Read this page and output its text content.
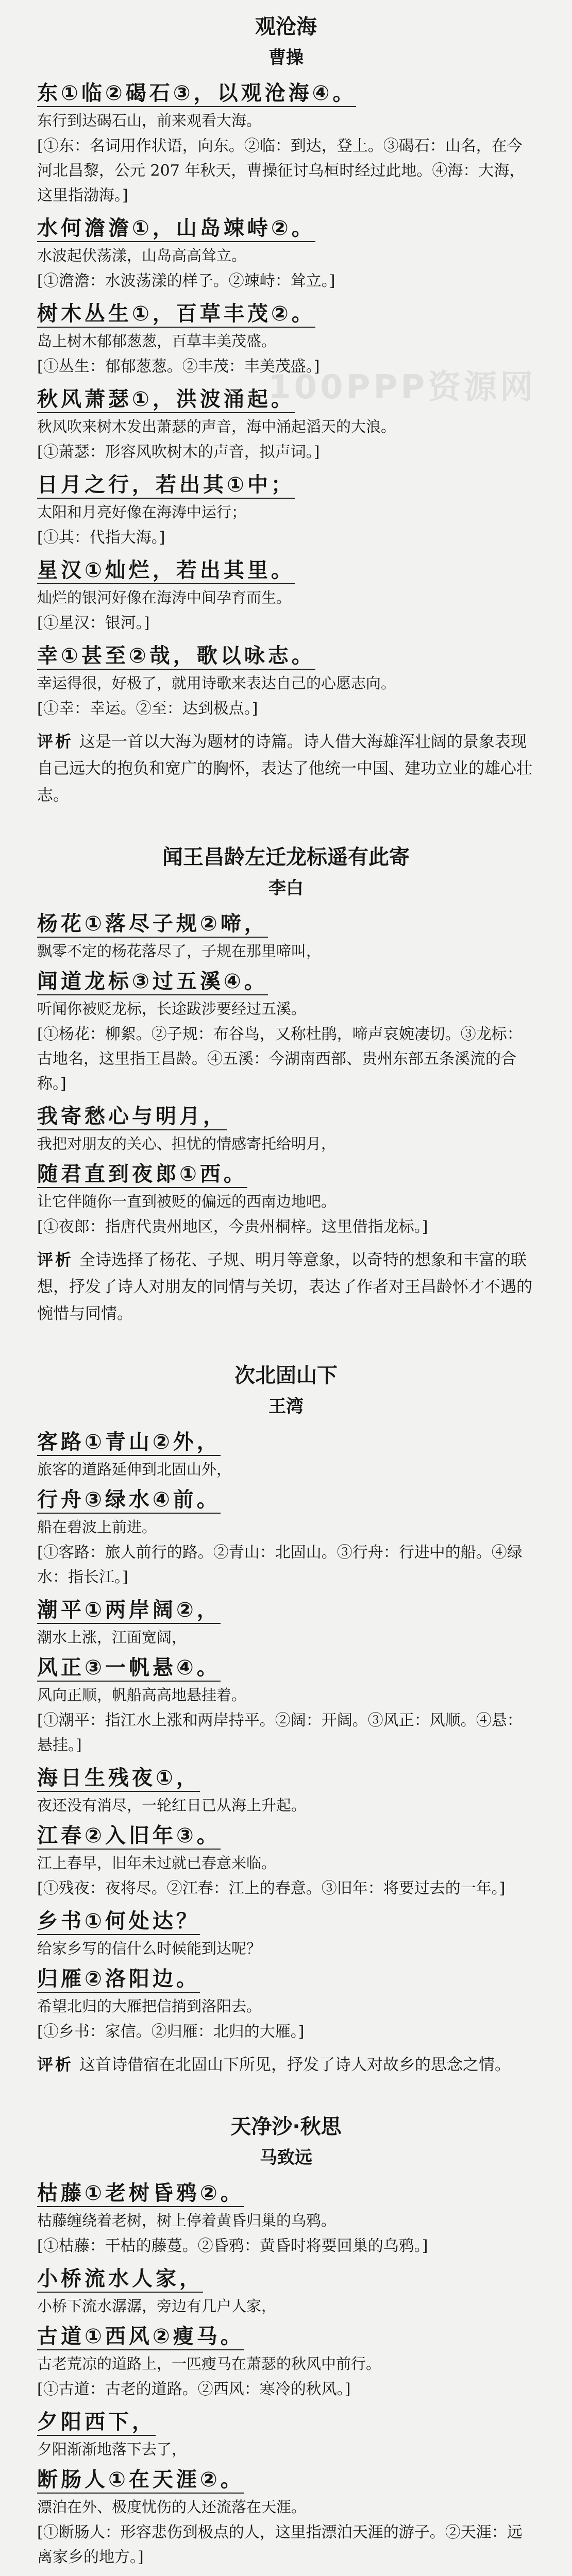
100PPP资源网
观沧海
曹操
东①临②碣石③，以观沧海④。
东行到达碣石山，前来观看大海。
[①东：名词用作状语，向东。②临：到达，登上。③碣石：山名，在今河北昌黎，公元 207 年秋天，曹操征讨乌桓时经过此地。④海：大海，这里指渤海。]
水何澹澹①，山岛竦峙②。
水波起伏荡漾，山岛高高耸立。
[①澹澹：水波荡漾的样子。②竦峙：耸立。]
树木丛生①，百草丰茂②。
岛上树木郁郁葱葱，百草丰美茂盛。
[①丛生：郁郁葱葱。②丰茂：丰美茂盛。]
秋风萧瑟①，洪波涌起。
秋风吹来树木发出萧瑟的声音，海中涌起滔天的大浪。
[①萧瑟：形容风吹树木的声音，拟声词。]
日月之行，若出其①中；
太阳和月亮好像在海涛中运行；
[①其：代指大海。]
星汉①灿烂，若出其里。
灿烂的银河好像在海涛中间孕育而生。
[①星汉：银河。]
幸①甚至②哉，歌以咏志。
幸运得很，好极了，就用诗歌来表达自己的心愿志向。
[①幸：幸运。②至：达到极点。]
评析 这是一首以大海为题材的诗篇。诗人借大海雄浑壮阔的景象表现自己远大的抱负和宽广的胸怀，表达了他统一中国、建功立业的雄心壮志。
闻王昌龄左迁龙标遥有此寄
李白
杨花①落尽子规②啼，
飘零不定的杨花落尽了，子规在那里啼叫，
闻道龙标③过五溪④。
听闻你被贬龙标，长途跋涉要经过五溪。
[①杨花：柳絮。②子规：布谷鸟，又称杜鹃，啼声哀婉凄切。③龙标：古地名，这里指王昌龄。④五溪：今湖南西部、贵州东部五条溪流的合称。]
我寄愁心与明月，
我把对朋友的关心、担忧的情感寄托给明月，
随君直到夜郎①西。
让它伴随你一直到被贬的偏远的西南边地吧。
[①夜郎：指唐代贵州地区，今贵州桐梓。这里借指龙标。]
评析 全诗选择了杨花、子规、明月等意象，以奇特的想象和丰富的联想，抒发了诗人对朋友的同情与关切，表达了作者对王昌龄怀才不遇的惋惜与同情。
次北固山下
王湾
客路①青山②外，
旅客的道路延伸到北固山外，
行舟③绿水④前。
船在碧波上前进。
[①客路：旅人前行的路。②青山：北固山。③行舟：行进中的船。④绿水：指长江。]
潮平①两岸阔②，
潮水上涨，江面宽阔，
风正③一帆悬④。
风向正顺，帆船高高地悬挂着。
[①潮平：指江水上涨和两岸持平。②阔：开阔。③风正：风顺。④悬：悬挂。]
海日生残夜①，
夜还没有消尽，一轮红日已从海上升起。
江春②入旧年③。
江上春早，旧年未过就已春意来临。
[①残夜：夜将尽。②江春：江上的春意。③旧年：将要过去的一年。]
乡书①何处达？
给家乡写的信什么时候能到达呢？
归雁②洛阳边。
希望北归的大雁把信捎到洛阳去。
[①乡书：家信。②归雁：北归的大雁。]
评析 这首诗借宿在北固山下所见，抒发了诗人对故乡的思念之情。
天净沙·秋思
马致远
枯藤①老树昏鸦②。
枯藤缠绕着老树，树上停着黄昏归巢的乌鸦。
[①枯藤：干枯的藤蔓。②昏鸦：黄昏时将要回巢的乌鸦。]
小桥流水人家，
小桥下流水潺潺，旁边有几户人家，
古道①西风②瘦马。
古老荒凉的道路上，一匹瘦马在萧瑟的秋风中前行。
[①古道：古老的道路。②西风：寒冷的秋风。]
夕阳西下，
夕阳渐渐地落下去了，
断肠人①在天涯②。
漂泊在外、极度忧伤的人还流落在天涯。
[①断肠人：形容悲伤到极点的人，这里指漂泊天涯的游子。②天涯：远离家乡的地方。]
